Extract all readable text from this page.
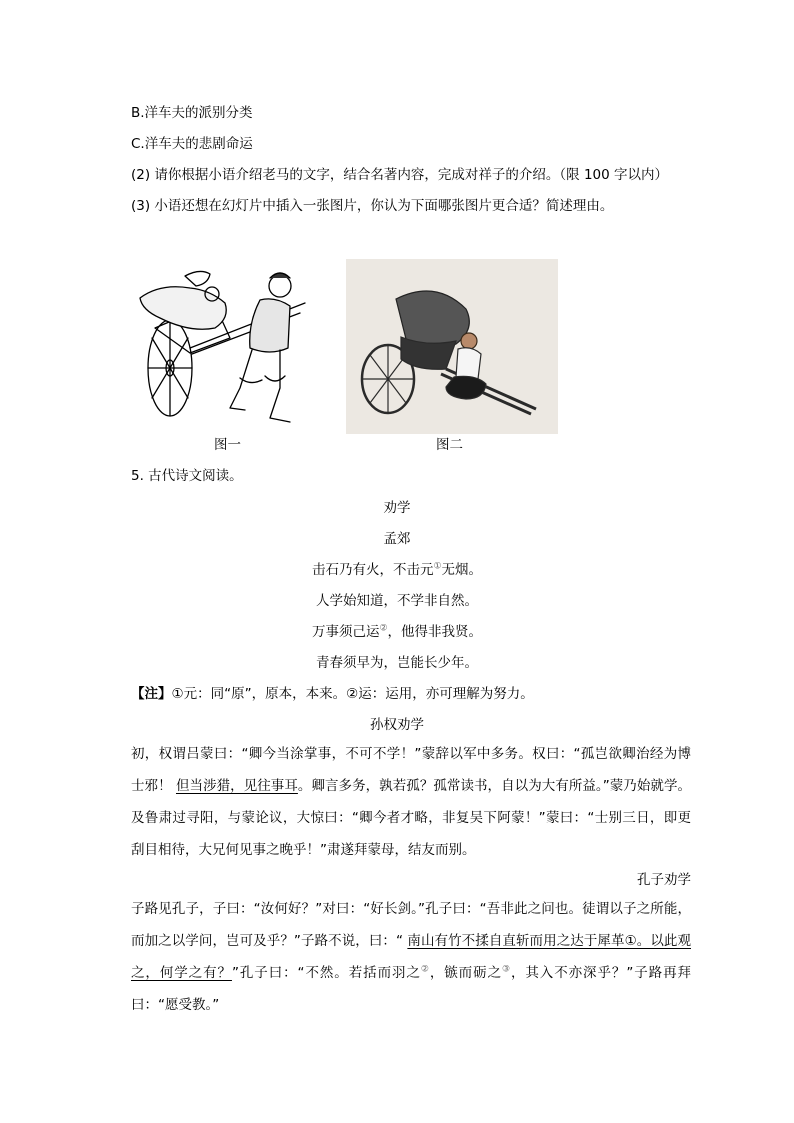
B.洋车夫的派别分类
C.洋车夫的悲剧命运
(2) 请你根据小语介绍老马的文字，结合名著内容，完成对祥子的介绍。（限 100 字以内）
(3) 小语还想在幻灯片中插入一张图片，你认为下面哪张图片更合适？简述理由。
图一	图二
5. 古代诗文阅读。
劝学
孟郊
击石乃有火，不击元①无烟。
人学始知道，不学非自然。
万事须己运②，他得非我贤。
青春须早为，岂能长少年。
【注】①元：同“原”，原本，本来。②运：运用，亦可理解为努力。
孙权劝学
初，权谓吕蒙曰：“卿今当涂掌事，不可不学！”蒙辞以军中多务。权曰：“孤岂欲卿治经为博士邪！ 但当涉猎，见往事耳。卿言多务，孰若孤？孤常读书，自以为大有所益。”蒙乃始就学。及鲁肃过寻阳，与蒙论议，大惊曰：“卿今者才略，非复吴下阿蒙！”蒙曰：“士别三日，即更刮目相待，大兄何见事之晚乎！”肃遂拜蒙母，结友而别。
孔子劝学
子路见孔子，子曰：“汝何好？”对曰：“好长剑。”孔子曰：“吾非此之问也。徒谓以子之所能，而加之以学问，岂可及乎？”子路不说，曰：“ 南山有竹不揉自直斩而用之达于犀革①。以此观之，何学之有？”孔子曰：“不然。若括而羽之②，镞而砺之③，其入不亦深乎？”子路再拜曰：“愿受教。”
